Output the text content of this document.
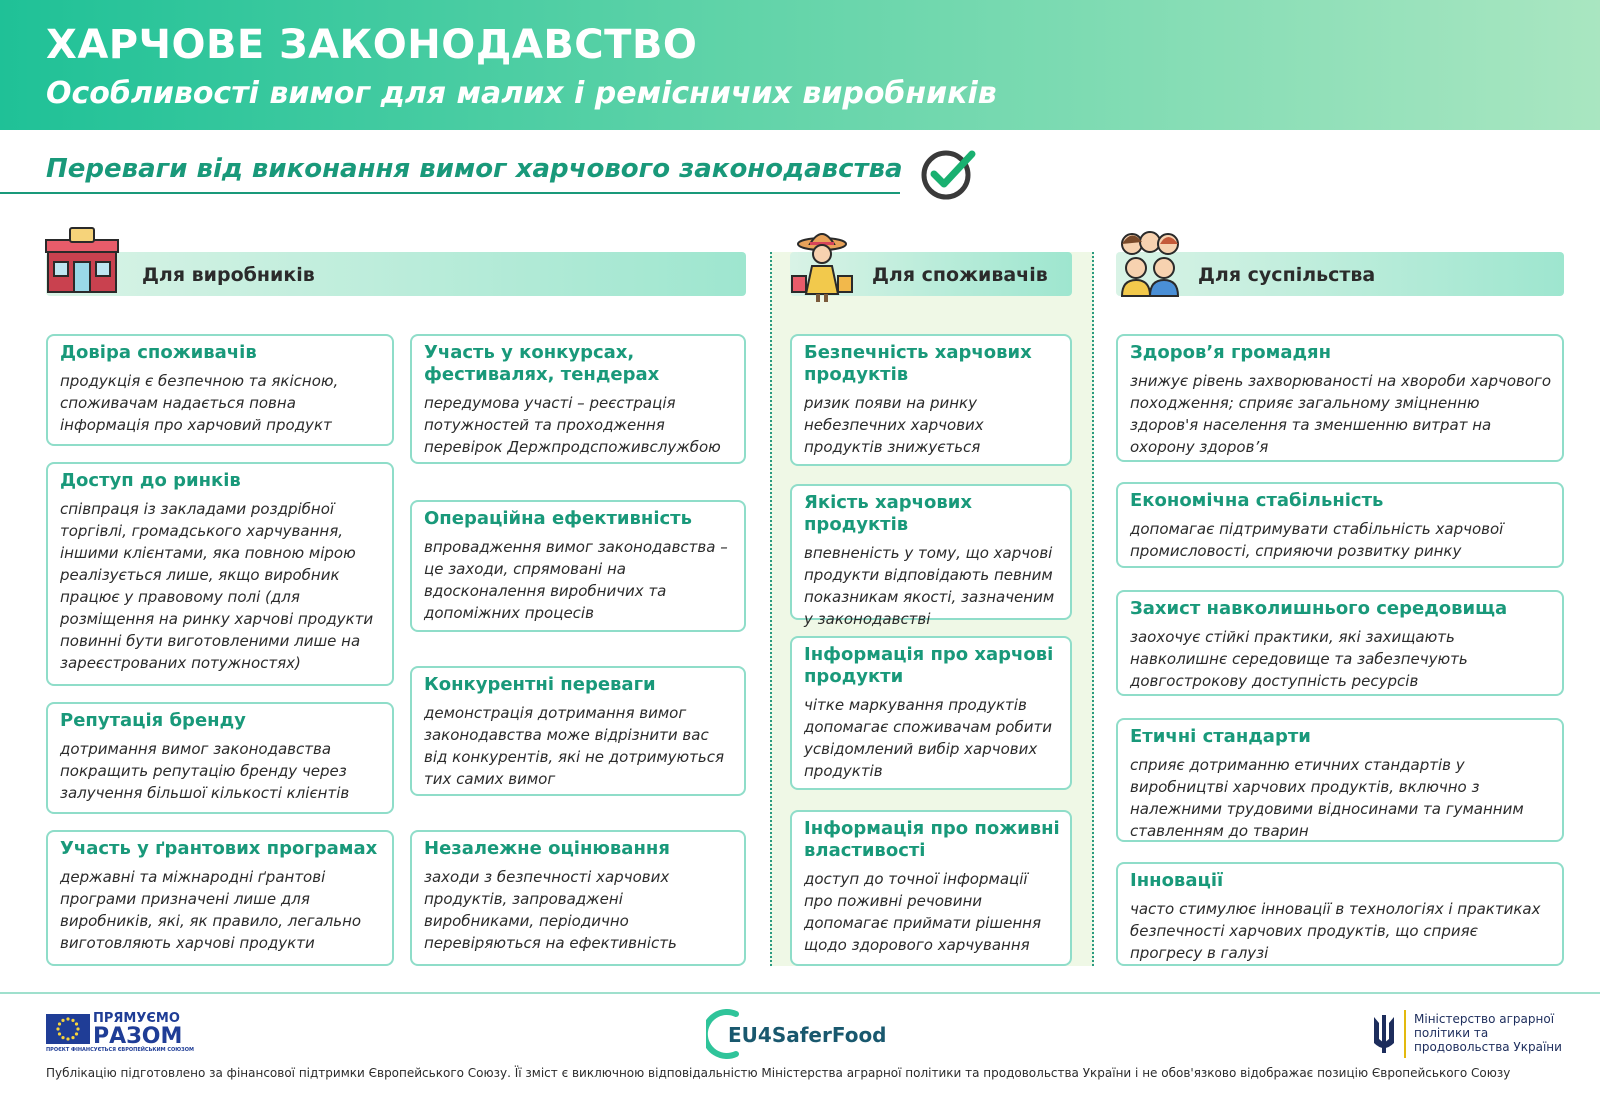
ХАРЧОВЕ ЗАКОНОДАВСТВО
Особливості вимог для малих і ремісничих виробників
Переваги від виконання вимог харчового законодавства
Для виробників	Для споживачів	Для суспільства
Довіра споживачів
продукція є безпечною та якісною, споживачам надається повна інформація про харчовий продукт
Доступ до ринків
співпраця із закладами роздрібної торгівлі, громадського харчування, іншими клієнтами, яка повною мірою реалізується лише, якщо виробник працює у правовому полі (для розміщення на ринку харчові продукти повинні бути виготовленими лише на зареєстрованих потужностях)
Репутація бренду
дотримання вимог законодавства покращить репутацію бренду через залучення більшої кількості клієнтів
Участь у ґрантових програмах
державні та міжнародні ґрантові програми призначені лише для виробників, які, як правило, легально виготовляють харчові продукти
Участь у конкурсах, фестивалях, тендерах
передумова участі – реєстрація потужностей та проходження перевірок Держпродспоживслужбою
Операційна ефективність
впровадження вимог законодавства – це заходи, спрямовані на вдосконалення виробничих та допоміжних процесів
Конкурентні переваги
демонстрація дотримання вимог законодавства може відрізнити вас від конкурентів, які не дотримуються тих самих вимог
Незалежне оцінювання
заходи з безпечності харчових продуктів, запроваджені виробниками, періодично перевіряються на ефективність
Безпечність харчових продуктів
ризик появи на ринку небезпечних харчових продуктів знижується
Якість харчових продуктів
впевненість у тому, що харчові продукти відповідають певним показникам якості, зазначеним у законодавстві
Інформація про харчові продукти
чітке маркування продуктів допомагає споживачам робити усвідомлений вибір харчових продуктів
Інформація про поживні властивості
доступ до точної інформації про поживні речовини допомагає приймати рішення щодо здорового харчування
Здоров’я громадян
знижує рівень захворюваності на хвороби харчового походження; сприяє загальному зміцненню здоров'я населення та зменшенню витрат на охорону здоров’я
Економічна стабільність
допомагає підтримувати стабільність харчової промисловості, сприяючи розвитку ринку
Захист навколишнього середовища
заохочує стійкі практики, які захищають навколишнє середовище та забезпечують довгострокову доступність ресурсів
Етичні стандарти
сприяє дотриманню етичних стандартів у виробництві харчових продуктів, включно з належними трудовими відносинами та гуманним ставленням до тварин
Інновації
часто стимулює інновації в технологіях і практиках безпечності харчових продуктів, що сприяє прогресу в галузі
ПРЯМУЄМО
РАЗОМ
ПРОЄКТ ФІНАНСУЄТЬСЯ ЄВРОПЕЙСЬКИМ СОЮЗОМ
EU4SaferFood
Міністерство аграрної політики та продовольства України
Публікацію підготовлено за фінансової підтримки Європейського Союзу. Її зміст є виключною відповідальністю Міністерства аграрної політики та продовольства України і не обов'язково відображає позицію Європейського Союзу
